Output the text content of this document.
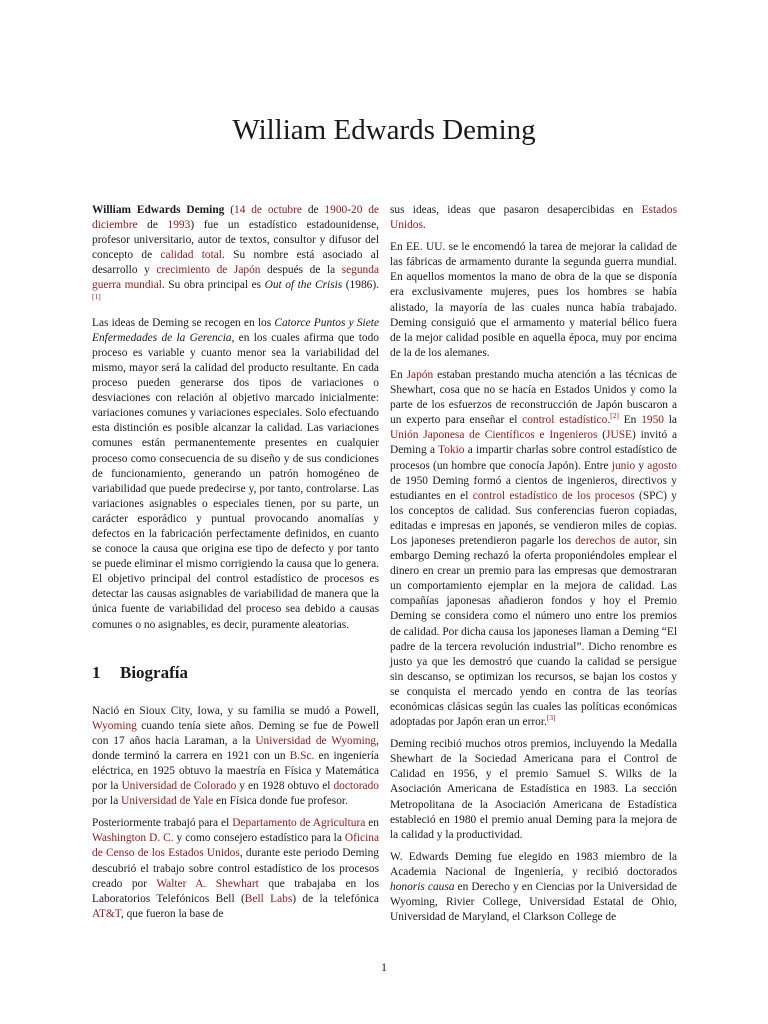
William Edwards Deming

William Edwards Deming (14 de octubre de 1900-20 de diciembre de 1993) fue un estadístico estadounidense, profesor universitario, autor de textos, consultor y difusor del concepto de calidad total. Su nombre está asociado al desarrollo y crecimiento de Japón después de la segunda guerra mundial. Su obra principal es Out of the Crisis (1986).[1]

Las ideas de Deming se recogen en los Catorce Puntos y Siete Enfermedades de la Gerencia, en los cuales afirma que todo proceso es variable y cuanto menor sea la variabilidad del mismo, mayor será la calidad del producto resultante. En cada proceso pueden generarse dos tipos de variaciones o desviaciones con relación al objetivo marcado inicialmente: variaciones comunes y variaciones especiales. Solo efectuando esta distinción es posible alcanzar la calidad. Las variaciones comunes están permanentemente presentes en cualquier proceso como consecuencia de su diseño y de sus condiciones de funcionamiento, generando un patrón homogéneo de variabilidad que puede predecirse y, por tanto, controlarse. Las variaciones asignables o especiales tienen, por su parte, un carácter esporádico y puntual provocando anomalías y defectos en la fabricación perfectamente definidos, en cuanto se conoce la causa que origina ese tipo de defecto y por tanto se puede eliminar el mismo corrigiendo la causa que lo genera. El objetivo principal del control estadístico de procesos es detectar las causas asignables de variabilidad de manera que la única fuente de variabilidad del proceso sea debido a causas comunes o no asignables, es decir, puramente aleatorias.

1 Biografía

Nació en Sioux City, Iowa, y su familia se mudó a Powell, Wyoming cuando tenía siete años. Deming se fue de Powell con 17 años hacia Laraman, a la Universidad de Wyoming, donde terminó la carrera en 1921 con un B.Sc. en ingeniería eléctrica, en 1925 obtuvo la maestría en Física y Matemática por la Universidad de Colorado y en 1928 obtuvo el doctorado por la Universidad de Yale en Física donde fue profesor.

Posteriormente trabajó para el Departamento de Agricultura en Washington D. C. y como consejero estadístico para la Oficina de Censo de los Estados Unidos, durante este periodo Deming descubrió el trabajo sobre control estadístico de los procesos creado por Walter A. Shewhart que trabajaba en los Laboratorios Telefónicos Bell (Bell Labs) de la telefónica AT&T, que fueron la base de

sus ideas, ideas que pasaron desapercibidas en Estados Unidos.

En EE. UU. se le encomendó la tarea de mejorar la calidad de las fábricas de armamento durante la segunda guerra mundial. En aquellos momentos la mano de obra de la que se disponía era exclusivamente mujeres, pues los hombres se había alistado, la mayoría de las cuales nunca había trabajado. Deming consiguió que el armamento y material bélico fuera de la mejor calidad posible en aquella época, muy por encima de la de los alemanes.

En Japón estaban prestando mucha atención a las técnicas de Shewhart, cosa que no se hacía en Estados Unidos y como la parte de los esfuerzos de reconstrucción de Japón buscaron a un experto para enseñar el control estadístico.[2] En 1950 la Unión Japonesa de Científicos e Ingenieros (JUSE) invitó a Deming a Tokio a impartir charlas sobre control estadístico de procesos (un hombre que conocía Japón). Entre junio y agosto de 1950 Deming formó a cientos de ingenieros, directivos y estudiantes en el control estadístico de los procesos (SPC) y los conceptos de calidad. Sus conferencias fueron copiadas, editadas e impresas en japonés, se vendieron miles de copias. Los japoneses pretendieron pagarle los derechos de autor, sin embargo Deming rechazó la oferta proponiéndoles emplear el dinero en crear un premio para las empresas que demostraran un comportamiento ejemplar en la mejora de calidad. Las compañías japonesas añadieron fondos y hoy el Premio Deming se considera como el número uno entre los premios de calidad. Por dicha causa los japoneses llaman a Deming “El padre de la tercera revolución industrial”. Dicho renombre es justo ya que les demostró que cuando la calidad se persigue sin descanso, se optimizan los recursos, se bajan los costos y se conquista el mercado yendo en contra de las teorías económicas clásicas según las cuales las políticas económicas adoptadas por Japón eran un error.[3]

Deming recibió muchos otros premios, incluyendo la Medalla Shewhart de la Sociedad Americana para el Control de Calidad en 1956, y el premio Samuel S. Wilks de la Asociación Americana de Estadística en 1983. La sección Metropolitana de la Asociación Americana de Estadística estableció en 1980 el premio anual Deming para la mejora de la calidad y la productividad.

W. Edwards Deming fue elegido en 1983 miembro de la Academia Nacional de Ingeniería, y recibió doctorados honoris causa en Derecho y en Ciencias por la Universidad de Wyoming, Rivier College, Universidad Estatal de Ohio, Universidad de Maryland, el Clarkson College de

1
